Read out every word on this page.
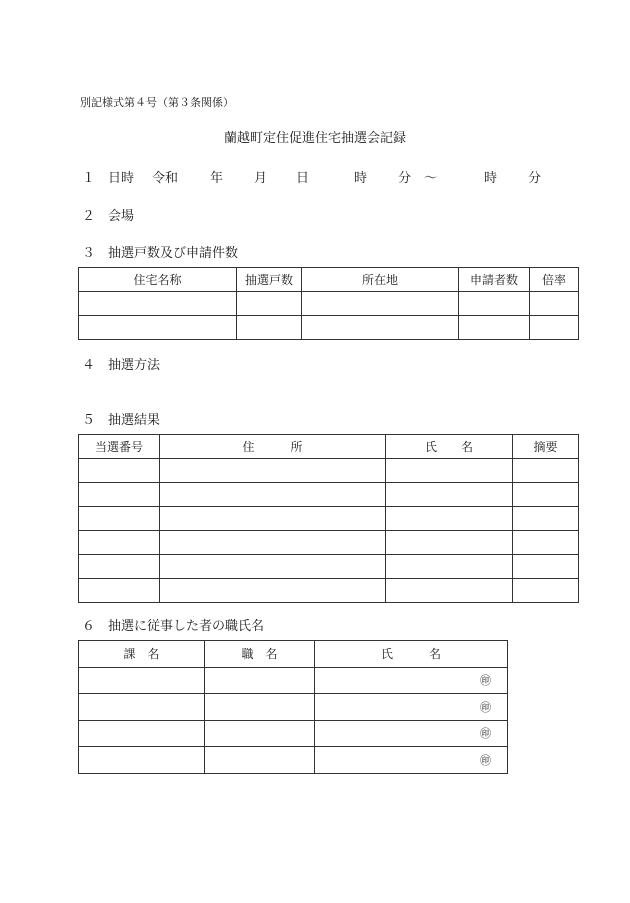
別記様式第４号（第３条関係）
蘭越町定住促進住宅抽選会記録
１ 日時 令和 年 月 日	時 分 ～	時 分
２ 会場
３ 抽選戸数及び申請件数
住宅名称	抽選戸数	所在地	申請者数	倍率

４ 抽選方法
５ 抽選結果
当選番号	住　　　所	氏　　名	摘要

６ 抽選に従事した者の職氏名
課　名	職　名	氏　　　名
		㊞
		㊞
		㊞
		㊞
